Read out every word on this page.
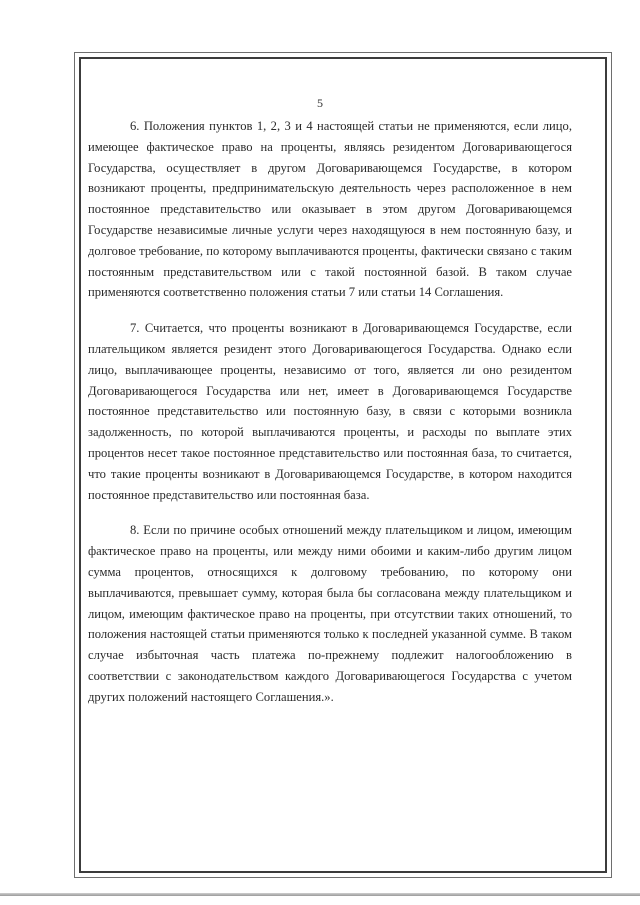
5

6. Положения пунктов 1, 2, 3 и 4 настоящей статьи не применяются, если лицо, имеющее фактическое право на проценты, являясь резидентом Договаривающегося Государства, осуществляет в другом Договаривающемся Государстве, в котором возникают проценты, предпринимательскую деятельность через расположенное в нем постоянное представительство или оказывает в этом другом Договаривающемся Государстве независимые личные услуги через находящуюся в нем постоянную базу, и долговое требование, по которому выплачиваются проценты, фактически связано с таким постоянным представительством или с такой постоянной базой. В таком случае применяются соответственно положения статьи 7 или статьи 14 Соглашения.

7. Считается, что проценты возникают в Договаривающемся Государстве, если плательщиком является резидент этого Договаривающегося Государства. Однако если лицо, выплачивающее проценты, независимо от того, является ли оно резидентом Договаривающегося Государства или нет, имеет в Договаривающемся Государстве постоянное представительство или постоянную базу, в связи с которыми возникла задолженность, по которой выплачиваются проценты, и расходы по выплате этих процентов несет такое постоянное представительство или постоянная база, то считается, что такие проценты возникают в Договаривающемся Государстве, в котором находится постоянное представительство или постоянная база.

8. Если по причине особых отношений между плательщиком и лицом, имеющим фактическое право на проценты, или между ними обоими и каким-либо другим лицом сумма процентов, относящихся к долговому требованию, по которому они выплачиваются, превышает сумму, которая была бы согласована между плательщиком и лицом, имеющим фактическое право на проценты, при отсутствии таких отношений, то положения настоящей статьи применяются только к последней указанной сумме. В таком случае избыточная часть платежа по-прежнему подлежит налогообложению в соответствии с законодательством каждого Договаривающегося Государства с учетом других положений настоящего Соглашения.».
